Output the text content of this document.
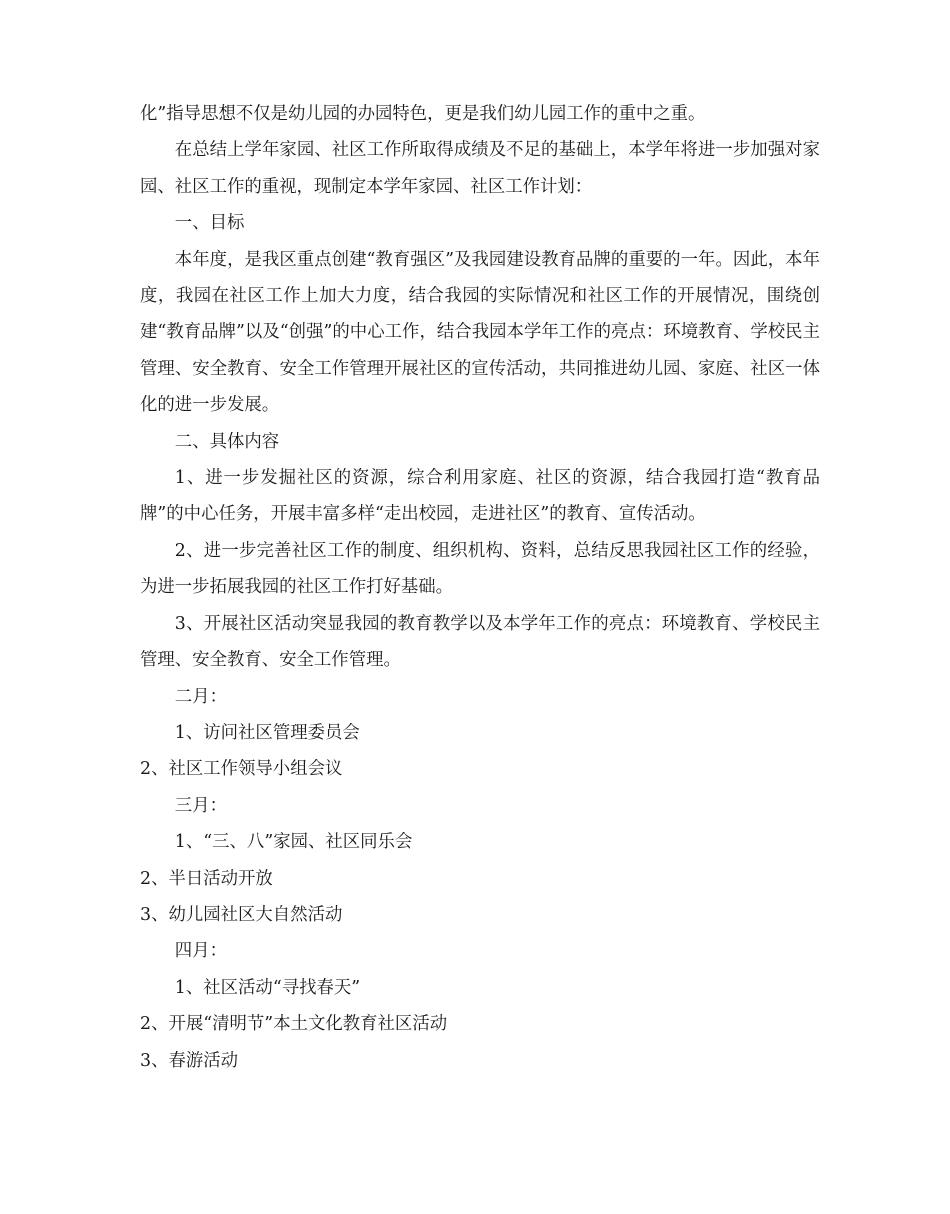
化”指导思想不仅是幼儿园的办园特色，更是我们幼儿园工作的重中之重。

在总结上学年家园、社区工作所取得成绩及不足的基础上，本学年将进一步加强对家园、社区工作的重视，现制定本学年家园、社区工作计划：

一、目标

本年度，是我区重点创建“教育强区”及我园建设教育品牌的重要的一年。因此，本年度，我园在社区工作上加大力度，结合我园的实际情况和社区工作的开展情况，围绕创建“教育品牌”以及“创强”的中心工作，结合我园本学年工作的亮点：环境教育、学校民主管理、安全教育、安全工作管理开展社区的宣传活动，共同推进幼儿园、家庭、社区一体化的进一步发展。

二、具体内容

1、进一步发掘社区的资源，综合利用家庭、社区的资源，结合我园打造“教育品牌”的中心任务，开展丰富多样“走出校园，走进社区”的教育、宣传活动。

2、进一步完善社区工作的制度、组织机构、资料，总结反思我园社区工作的经验，为进一步拓展我园的社区工作打好基础。

3、开展社区活动突显我园的教育教学以及本学年工作的亮点：环境教育、学校民主管理、安全教育、安全工作管理。

二月：

1、访问社区管理委员会

2、社区工作领导小组会议

三月：

1、“三、八”家园、社区同乐会

2、半日活动开放

3、幼儿园社区大自然活动

四月：

1、社区活动“寻找春天”

2、开展“清明节”本土文化教育社区活动

3、春游活动
